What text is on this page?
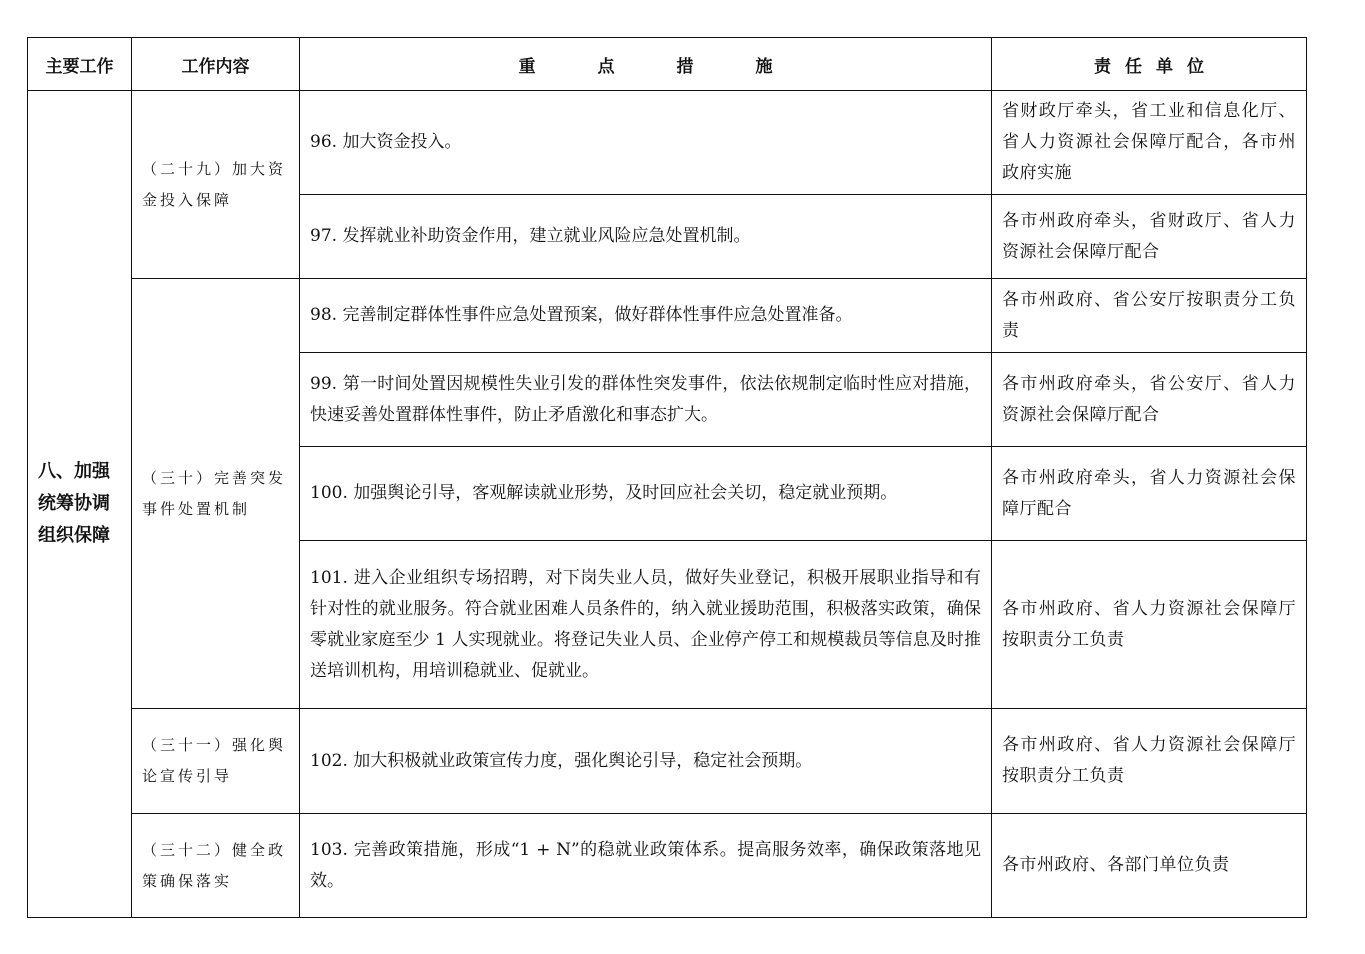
主要工作	工作内容	重点措施	责任单位
八、加强统筹协调组织保障	（二十九）加大资金投入保障	96. 加大资金投入。	省财政厅牵头，省工业和信息化厅、省人力资源社会保障厅配合，各市州政府实施
		97. 发挥就业补助资金作用，建立就业风险应急处置机制。	各市州政府牵头，省财政厅、省人力资源社会保障厅配合
	（三十）完善突发事件处置机制	98. 完善制定群体性事件应急处置预案，做好群体性事件应急处置准备。	各市州政府、省公安厅按职责分工负责
		99. 第一时间处置因规模性失业引发的群体性突发事件，依法依规制定临时性应对措施，快速妥善处置群体性事件，防止矛盾激化和事态扩大。	各市州政府牵头，省公安厅、省人力资源社会保障厅配合
		100. 加强舆论引导，客观解读就业形势，及时回应社会关切，稳定就业预期。	各市州政府牵头，省人力资源社会保障厅配合
		101. 进入企业组织专场招聘，对下岗失业人员，做好失业登记，积极开展职业指导和有针对性的就业服务。符合就业困难人员条件的，纳入就业援助范围，积极落实政策，确保零就业家庭至少 1 人实现就业。将登记失业人员、企业停产停工和规模裁员等信息及时推送培训机构，用培训稳就业、促就业。	各市州政府、省人力资源社会保障厅按职责分工负责
	（三十一）强化舆论宣传引导	102. 加大积极就业政策宣传力度，强化舆论引导，稳定社会预期。	各市州政府、省人力资源社会保障厅按职责分工负责
	（三十二）健全政策确保落实	103. 完善政策措施，形成“1 + N”的稳就业政策体系。提高服务效率，确保政策落地见效。	各市州政府、各部门单位负责
